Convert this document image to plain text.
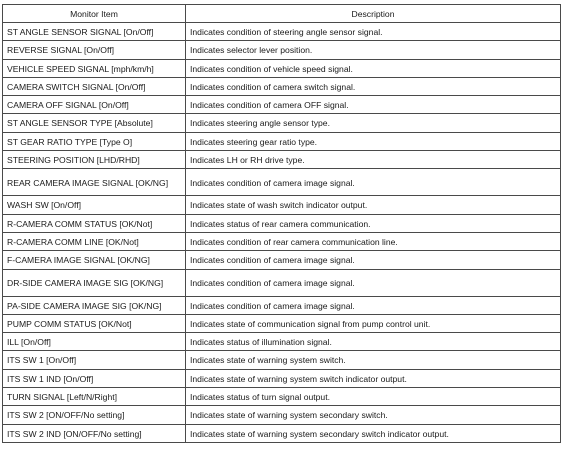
Monitor Item	Description
ST ANGLE SENSOR SIGNAL [On/Off]	Indicates condition of steering angle sensor signal.
REVERSE SIGNAL [On/Off]	Indicates selector lever position.
VEHICLE SPEED SIGNAL [mph/km/h]	Indicates condition of vehicle speed signal.
CAMERA SWITCH SIGNAL [On/Off]	Indicates condition of camera switch signal.
CAMERA OFF SIGNAL [On/Off]	Indicates condition of camera OFF signal.
ST ANGLE SENSOR TYPE [Absolute]	Indicates steering angle sensor type.
ST GEAR RATIO TYPE [Type O]	Indicates steering gear ratio type.
STEERING POSITION [LHD/RHD]	Indicates LH or RH drive type.
REAR CAMERA IMAGE SIGNAL [OK/NG]	Indicates condition of camera image signal.
WASH SW [On/Off]	Indicates state of wash switch indicator output.
R-CAMERA COMM STATUS [OK/Not]	Indicates status of rear camera communication.
R-CAMERA COMM LINE [OK/Not]	Indicates condition of rear camera communication line.
F-CAMERA IMAGE SIGNAL [OK/NG]	Indicates condition of camera image signal.
DR-SIDE CAMERA IMAGE SIG [OK/NG]	Indicates condition of camera image signal.
PA-SIDE CAMERA IMAGE SIG [OK/NG]	Indicates condition of camera image signal.
PUMP COMM STATUS [OK/Not]	Indicates state of communication signal from pump control unit.
ILL [On/Off]	Indicates status of illumination signal.
ITS SW 1 [On/Off]	Indicates state of warning system switch.
ITS SW 1 IND [On/Off]	Indicates state of warning system switch indicator output.
TURN SIGNAL [Left/N/Right]	Indicates status of turn signal output.
ITS SW 2 [ON/OFF/No setting]	Indicates state of warning system secondary switch.
ITS SW 2 IND [ON/OFF/No setting]	Indicates state of warning system secondary switch indicator output.
